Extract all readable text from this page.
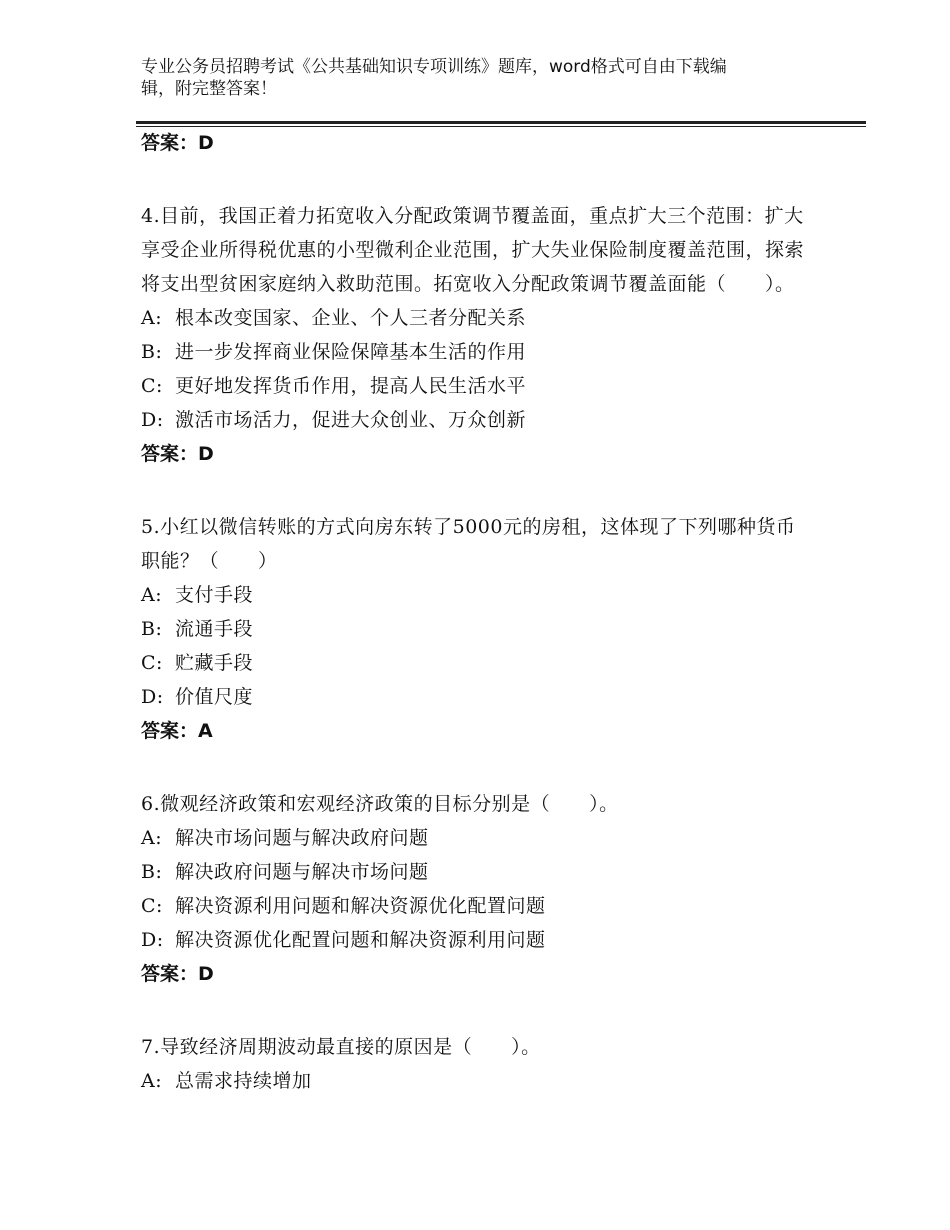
专业公务员招聘考试《公共基础知识专项训练》题库，word格式可自由下载编
辑，附完整答案！

答案：D

4.目前，我国正着力拓宽收入分配政策调节覆盖面，重点扩大三个范围：扩大享受企业所得税优惠的小型微利企业范围，扩大失业保险制度覆盖范围，探索将支出型贫困家庭纳入救助范围。拓宽收入分配政策调节覆盖面能（　　）。

A: 根本改变国家、企业、个人三者分配关系

B: 进一步发挥商业保险保障基本生活的作用

C: 更好地发挥货币作用，提高人民生活水平

D: 激活市场活力，促进大众创业、万众创新

答案：D

5.小红以微信转账的方式向房东转了5000元的房租，这体现了下列哪种货币职能？（　　）

A: 支付手段

B: 流通手段

C: 贮藏手段

D: 价值尺度

答案：A

6.微观经济政策和宏观经济政策的目标分别是（　　）。

A: 解决市场问题与解决政府问题

B: 解决政府问题与解决市场问题

C: 解决资源利用问题和解决资源优化配置问题

D: 解决资源优化配置问题和解决资源利用问题

答案：D

7.导致经济周期波动最直接的原因是（　　）。

A: 总需求持续增加
